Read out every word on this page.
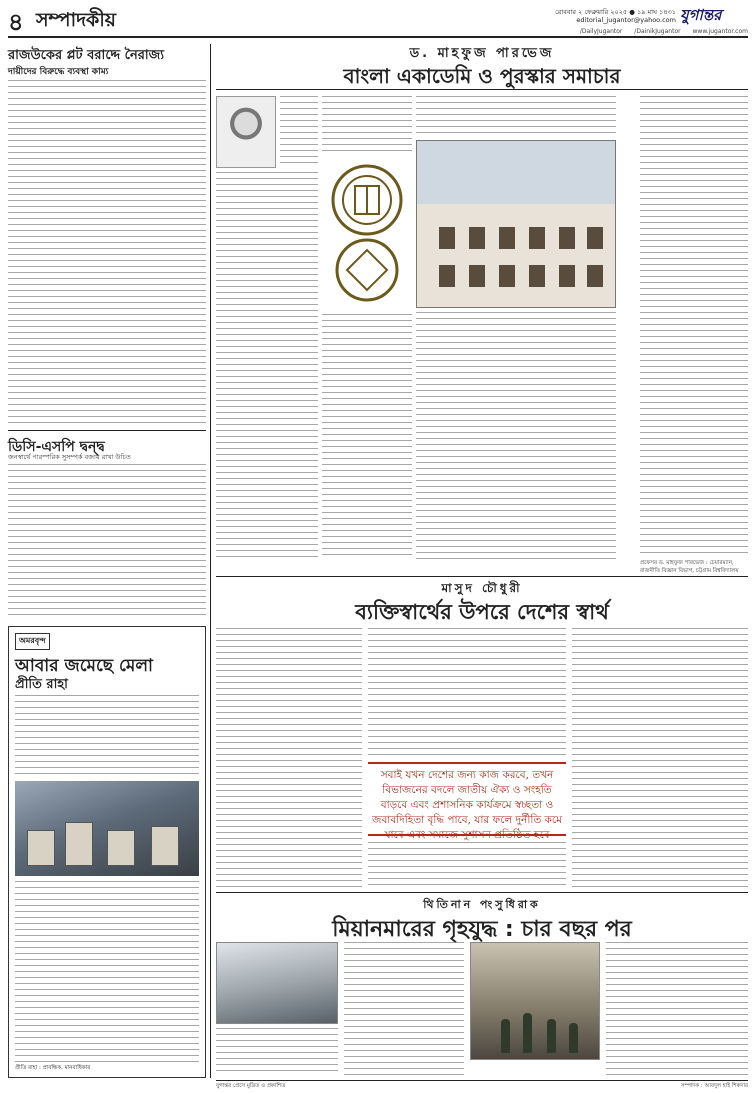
৪ সম্পাদকীয়	রোববার ২ ফেব্রুয়ারি ২০২৫ ● ১৯ মাঘ ১৪৩১
editorial_jugantor@yahoo.com যুগান্তর
/DailyJugantor /DainikJugantor www.jugantor.com
রাজউকের প্লট বরাদ্দে নৈরাজ্য
দায়ীদের বিরুদ্ধে ব্যবস্থা কাম্য
ডিসি-এসপি দ্বন্দ্ব
জনস্বার্থে পারস্পরিক সুসম্পর্ক বজায় রাখা উচিত
অমরবৃন্দ
আবার জমেছে মেলা
প্রীতি রাহা
প্রীতি রাহা : প্রাবন্ধিক, মানবাধিকার
ড. মাহফুজ পারভেজ
বাংলা একাডেমি ও পুরস্কার সমাচার
প্রফেসর ড. মাহফুজ পারভেজ : চেয়ারম্যান, রাজনীতি বিজ্ঞান বিভাগ, চট্টগ্রাম বিশ্ববিদ্যালয়
মাসুদ চৌধুরী
ব্যক্তিস্বার্থের উপরে দেশের স্বার্থ
সবাই যখন দেশের জন্য কাজ করবে, তখন বিভাজনের বদলে জাতীয় ঐক্য ও সংহতি বাড়বে এবং প্রশাসনিক কার্যক্রমে স্বচ্ছতা ও জবাবদিহিতা বৃদ্ধি পাবে, যার ফলে দুর্নীতি কমে যাবে এবং সমাজে সুশাসন প্রতিষ্ঠিত হবে
থিতিনান পংসুধিরাক
মিয়ানমারের গৃহযুদ্ধ : চার বছর পর
যুগান্তর প্রেসে মুদ্রিত ও প্রকাশিত	সম্পাদক : আবদুল হাই শিকদার
